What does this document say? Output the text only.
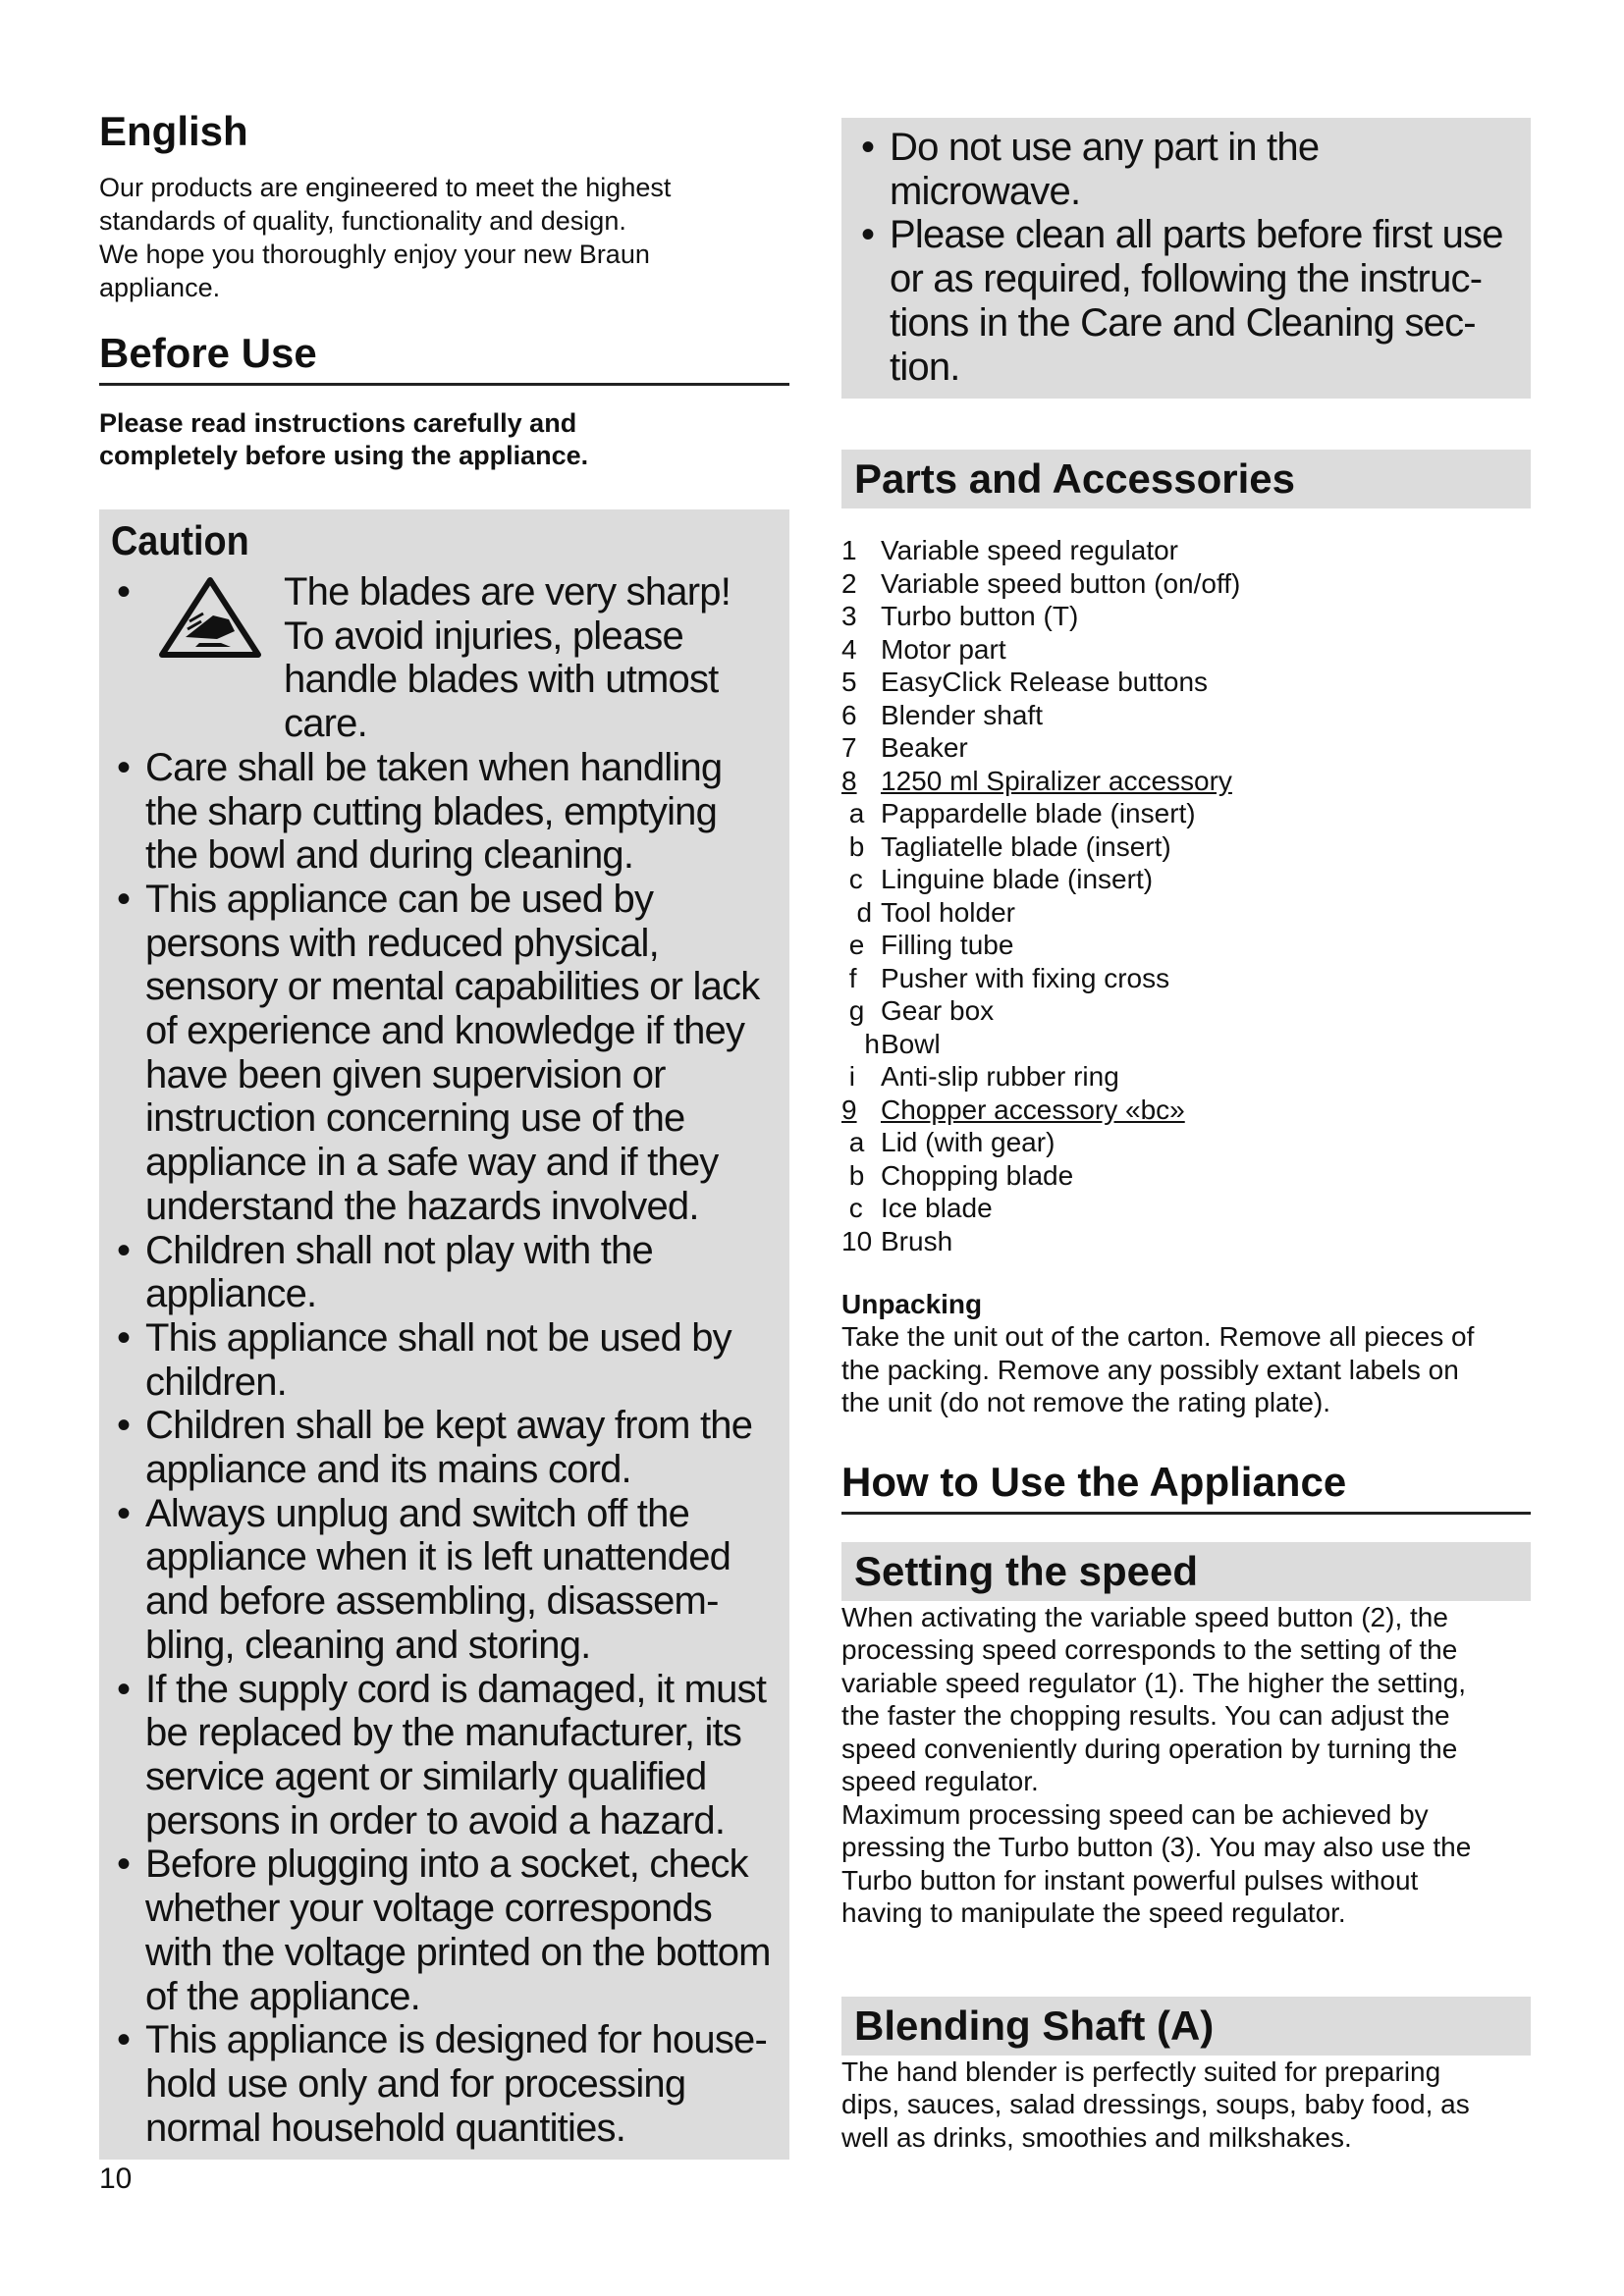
English

Our products are engineered to meet the highest
standards of quality, functionality and design.
We hope you thoroughly enjoy your new Braun
appliance.

Before Use

Please read instructions carefully and
completely before using the appliance.

Caution
•	The blades are very sharp!
To avoid injuries, please
handle blades with utmost
care.
• Care shall be taken when handling the sharp cutting blades, emptying the bowl and during cleaning.
• This appliance can be used by persons with reduced physical, sensory or mental capabilities or lack of experience and knowledge if they have been given supervision or instruction concerning use of the appliance in a safe way and if they understand the hazards involved.
• Children shall not play with the appliance.
• This appliance shall not be used by children.
• Children shall be kept away from the appliance and its mains cord.
• Always unplug and switch off the appliance when it is left unattended and before assembling, disassem-bling, cleaning and storing.
• If the supply cord is damaged, it must be replaced by the manufacturer, its service agent or similarly qualified persons in order to avoid a hazard.
• Before plugging into a socket, check whether your voltage corresponds with the voltage printed on the bottom of the appliance.
• This appliance is designed for house-hold use only and for processing normal household quantities.
10
• Do not use any part in the microwave.
• Please clean all parts before first use or as required, following the instruc-tions in the Care and Cleaning sec-tion.
Parts and Accessories
1 Variable speed regulator
2 Variable speed button (on/off)
3 Turbo button (T)
4 Motor part
5 EasyClick Release buttons
6 Blender shaft
7 Beaker
8 1250 ml Spiralizer accessory
a Pappardelle blade (insert)
b Tagliatelle blade (insert)
c Linguine blade (insert)
d Tool holder
e Filling tube
f Pusher with fixing cross
g Gear box
hBowl
i Anti-slip rubber ring
9 Chopper accessory «bc»
a Lid (with gear)
b Chopping blade
c Ice blade
10 Brush
Unpacking

Take the unit out of the carton. Remove all pieces of
the packing. Remove any possibly extant labels on
the unit (do not remove the rating plate).

How to Use the Appliance
Setting the speed

When activating the variable speed button (2), the
processing speed corresponds to the setting of the
variable speed regulator (1). The higher the setting,
the faster the chopping results. You can adjust the
speed conveniently during operation by turning the
speed regulator.

Maximum processing speed can be achieved by
pressing the Turbo button (3). You may also use the
Turbo button for instant powerful pulses without
having to manipulate the speed regulator.

Blending Shaft (A)

The hand blender is perfectly suited for preparing
dips, sauces, salad dressings, soups, baby food, as
well as drinks, smoothies and milkshakes.
